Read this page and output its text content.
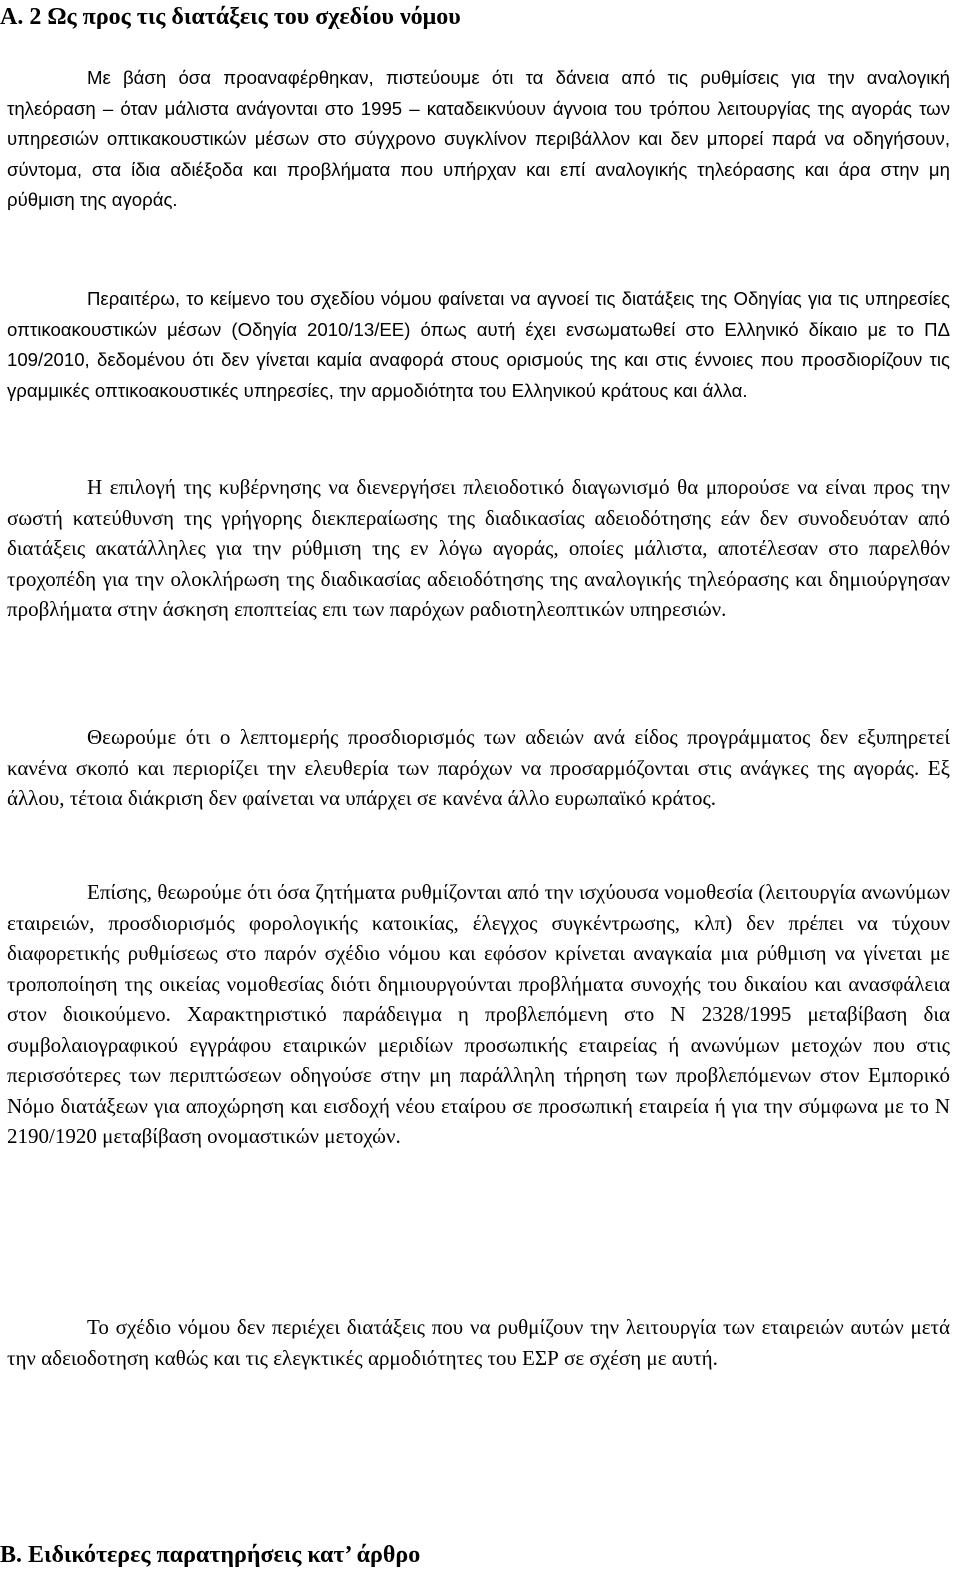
A. 2 Ως προς τις διατάξεις του σχεδίου νόμου

Με βάση όσα προαναφέρθηκαν, πιστεύουμε ότι τα δάνεια από τις ρυθμίσεις για την αναλογική τηλεόραση – όταν μάλιστα ανάγονται στο 1995 – καταδεικνύουν άγνοια του τρόπου λειτουργίας της αγοράς των υπηρεσιών οπτικακουστικών μέσων στο σύγχρονο συγκλίνον περιβάλλον και δεν μπορεί παρά να οδηγήσουν, σύντομα, στα ίδια αδιέξοδα και προβλήματα που υπήρχαν και επί αναλογικής τηλεόρασης και άρα στην μη ρύθμιση της αγοράς.

Περαιτέρω, το κείμενο του σχεδίου νόμου φαίνεται να αγνοεί τις διατάξεις της Οδηγίας για τις υπηρεσίες οπτικοακουστικών μέσων (Οδηγία 2010/13/ΕΕ) όπως αυτή έχει ενσωματωθεί στο Ελληνικό δίκαιο με το ΠΔ 109/2010, δεδομένου ότι δεν γίνεται καμία αναφορά στους ορισμούς της και στις έννοιες που προσδιορίζουν τις γραμμικές οπτικοακουστικές υπηρεσίες, την αρμοδιότητα του Ελληνικού κράτους και άλλα.

Η επιλογή της κυβέρνησης να διενεργήσει πλειοδοτικό διαγωνισμό θα μπορούσε να είναι προς την σωστή κατεύθυνση της γρήγορης διεκπεραίωσης της διαδικασίας αδειοδότησης εάν δεν συνοδευόταν από διατάξεις ακατάλληλες για την ρύθμιση της εν λόγω αγοράς, οποίες μάλιστα, αποτέλεσαν στο παρελθόν τροχοπέδη για την ολοκλήρωση της διαδικασίας αδειοδότησης της αναλογικής τηλεόρασης και δημιούργησαν προβλήματα στην άσκηση εποπτείας επι των παρόχων ραδιοτηλεοπτικών υπηρεσιών.

Θεωρούμε ότι ο λεπτομερής προσδιορισμός των αδειών ανά είδος προγράμματος δεν εξυπηρετεί κανένα σκοπό και περιορίζει την ελευθερία των παρόχων να προσαρμόζονται στις ανάγκες της αγοράς. Εξ άλλου, τέτοια διάκριση δεν φαίνεται να υπάρχει σε κανένα άλλο ευρωπαϊκό κράτος.

Επίσης, θεωρούμε ότι όσα ζητήματα ρυθμίζονται από την ισχύουσα νομοθεσία (λειτουργία ανωνύμων εταιρειών, προσδιορισμός φορολογικής κατοικίας, έλεγχος συγκέντρωσης, κλπ) δεν πρέπει να τύχουν διαφορετικής ρυθμίσεως στο παρόν σχέδιο νόμου και εφόσον κρίνεται αναγκαία μια ρύθμιση να γίνεται με τροποποίηση της οικείας νομοθεσίας διότι δημιουργούνται προβλήματα συνοχής του δικαίου και ανασφάλεια στον διοικούμενο. Χαρακτηριστικό παράδειγμα η προβλεπόμενη στο Ν 2328/1995 μεταβίβαση δια συμβολαιογραφικού εγγράφου εταιρικών μεριδίων προσωπικής εταιρείας ή ανωνύμων μετοχών που στις περισσότερες των περιπτώσεων οδηγούσε στην μη παράλληλη τήρηση των προβλεπόμενων στον Εμπορικό Νόμο διατάξεων για αποχώρηση και εισδοχή νέου εταίρου σε προσωπική εταιρεία ή για την σύμφωνα με το Ν 2190/1920 μεταβίβαση ονομαστικών μετοχών.

Το σχέδιο νόμου δεν περιέχει διατάξεις που να ρυθμίζουν την λειτουργία των εταιρειών αυτών μετά την αδειοδοτηση καθώς και τις ελεγκτικές αρμοδιότητες του ΕΣΡ σε σχέση με αυτή.

Β. Ειδικότερες παρατηρήσεις κατ’ άρθρο
